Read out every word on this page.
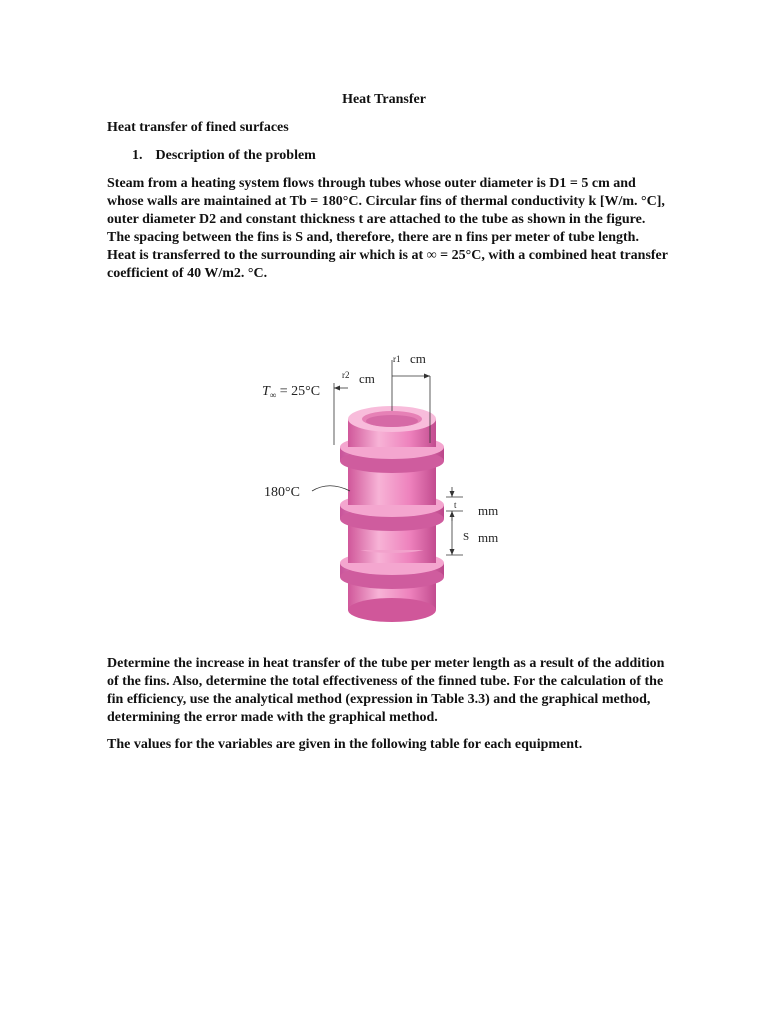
Heat Transfer
Heat transfer of fined surfaces
1. Description of the problem
Steam from a heating system flows through tubes whose outer diameter is D1 = 5 cm and
whose walls are maintained at Tb = 180°C. Circular fins of thermal conductivity k [W/m. °C],
outer diameter D2 and constant thickness t are attached to the tube as shown in the figure.
The spacing between the fins is S and, therefore, there are n fins per meter of tube length.
Heat is transferred to the surrounding air which is at ∞ = 25°C, with a combined heat transfer
coefficient of 40 W/m2. °C.
r1 cm
r2 cm
$T_\infty = 25^\circ C$
180°C
t mm
S mm
Determine the increase in heat transfer of the tube per meter length as a result of the addition
of the fins. Also, determine the total effectiveness of the finned tube. For the calculation of the
fin efficiency, use the analytical method (expression in Table 3.3) and the graphical method,
determining the error made with the graphical method.
The values for the variables are given in the following table for each equipment.
